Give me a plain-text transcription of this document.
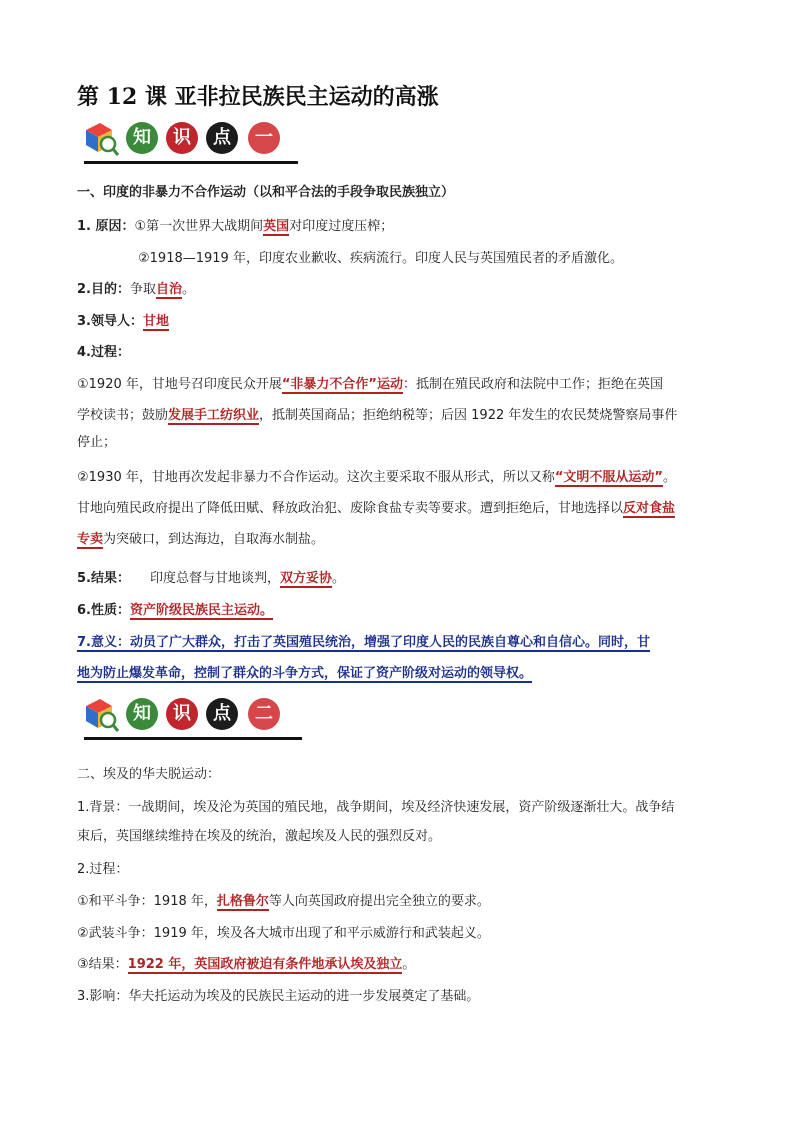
第 12 课 亚非拉民族民主运动的高涨
知	识	点	一
一、印度的非暴力不合作运动（以和平合法的手段争取民族独立）
1. 原因：①第一次世界大战期间英国对印度过度压榨；
②1918—1919 年，印度农业歉收、疾病流行。印度人民与英国殖民者的矛盾激化。
2.目的：争取自治。
3.领导人：甘地
4.过程：
①1920 年，甘地号召印度民众开展“非暴力不合作”运动：抵制在殖民政府和法院中工作；拒绝在英国
学校读书；鼓励发展手工纺织业，抵制英国商品；拒绝纳税等；后因 1922 年发生的农民焚烧警察局事件
停止；
②1930 年，甘地再次发起非暴力不合作运动。这次主要采取不服从形式，所以又称“文明不服从运动”。
甘地向殖民政府提出了降低田赋、释放政治犯、废除食盐专卖等要求。遭到拒绝后，甘地选择以反对食盐
专卖为突破口，到达海边，自取海水制盐。
5.结果： 印度总督与甘地谈判，双方妥协。
6.性质：资产阶级民族民主运动。
7.意义：动员了广大群众，打击了英国殖民统治，增强了印度人民的民族自尊心和自信心。同时，甘
地为防止爆发革命，控制了群众的斗争方式，保证了资产阶级对运动的领导权。
知	识	点	二
二、埃及的华夫脱运动：
1.背景：一战期间，埃及沦为英国的殖民地，战争期间，埃及经济快速发展，资产阶级逐渐壮大。战争结
束后，英国继续维持在埃及的统治，激起埃及人民的强烈反对。
2.过程：
①和平斗争：1918 年，扎格鲁尔等人向英国政府提出完全独立的要求。
②武装斗争：1919 年，埃及各大城市出现了和平示威游行和武装起义。
③结果：1922 年，英国政府被迫有条件地承认埃及独立。
3.影响：华夫托运动为埃及的民族民主运动的进一步发展奠定了基础。
